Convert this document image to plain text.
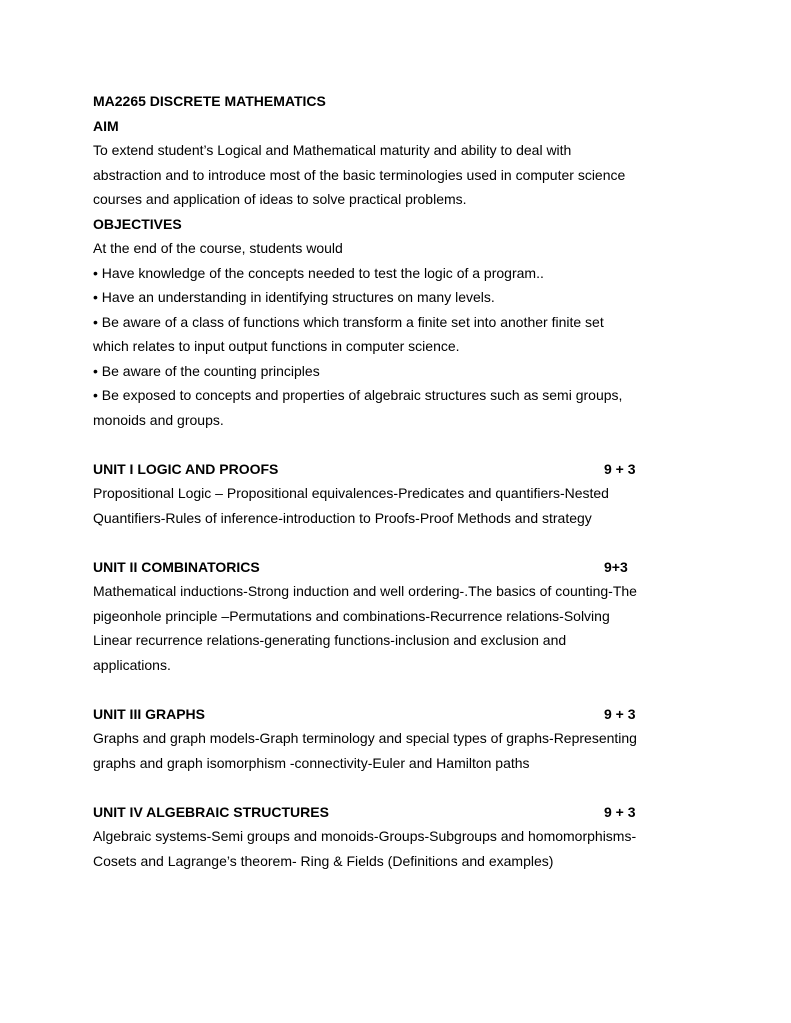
MA2265 DISCRETE MATHEMATICS
AIM
To extend student’s Logical and Mathematical maturity and ability to deal with
abstraction and to introduce most of the basic terminologies used in computer science
courses and application of ideas to solve practical problems.
OBJECTIVES
At the end of the course, students would
• Have knowledge of the concepts needed to test the logic of a program..
• Have an understanding in identifying structures on many levels.
• Be aware of a class of functions which transform a finite set into another finite set
which relates to input output functions in computer science.
• Be aware of the counting principles
• Be exposed to concepts and properties of algebraic structures such as semi groups,
monoids and groups.
UNIT I LOGIC AND PROOFS	9 + 3
Propositional Logic – Propositional equivalences-Predicates and quantifiers-Nested
Quantifiers-Rules of inference-introduction to Proofs-Proof Methods and strategy
UNIT II COMBINATORICS	9+3
Mathematical inductions-Strong induction and well ordering-.The basics of counting-The
pigeonhole principle –Permutations and combinations-Recurrence relations-Solving
Linear recurrence relations-generating functions-inclusion and exclusion and
applications.
UNIT III GRAPHS	9 + 3
Graphs and graph models-Graph terminology and special types of graphs-Representing
graphs and graph isomorphism -connectivity-Euler and Hamilton paths
UNIT IV ALGEBRAIC STRUCTURES	9 + 3
Algebraic systems-Semi groups and monoids-Groups-Subgroups and homomorphisms-
Cosets and Lagrange’s theorem- Ring & Fields (Definitions and examples)
